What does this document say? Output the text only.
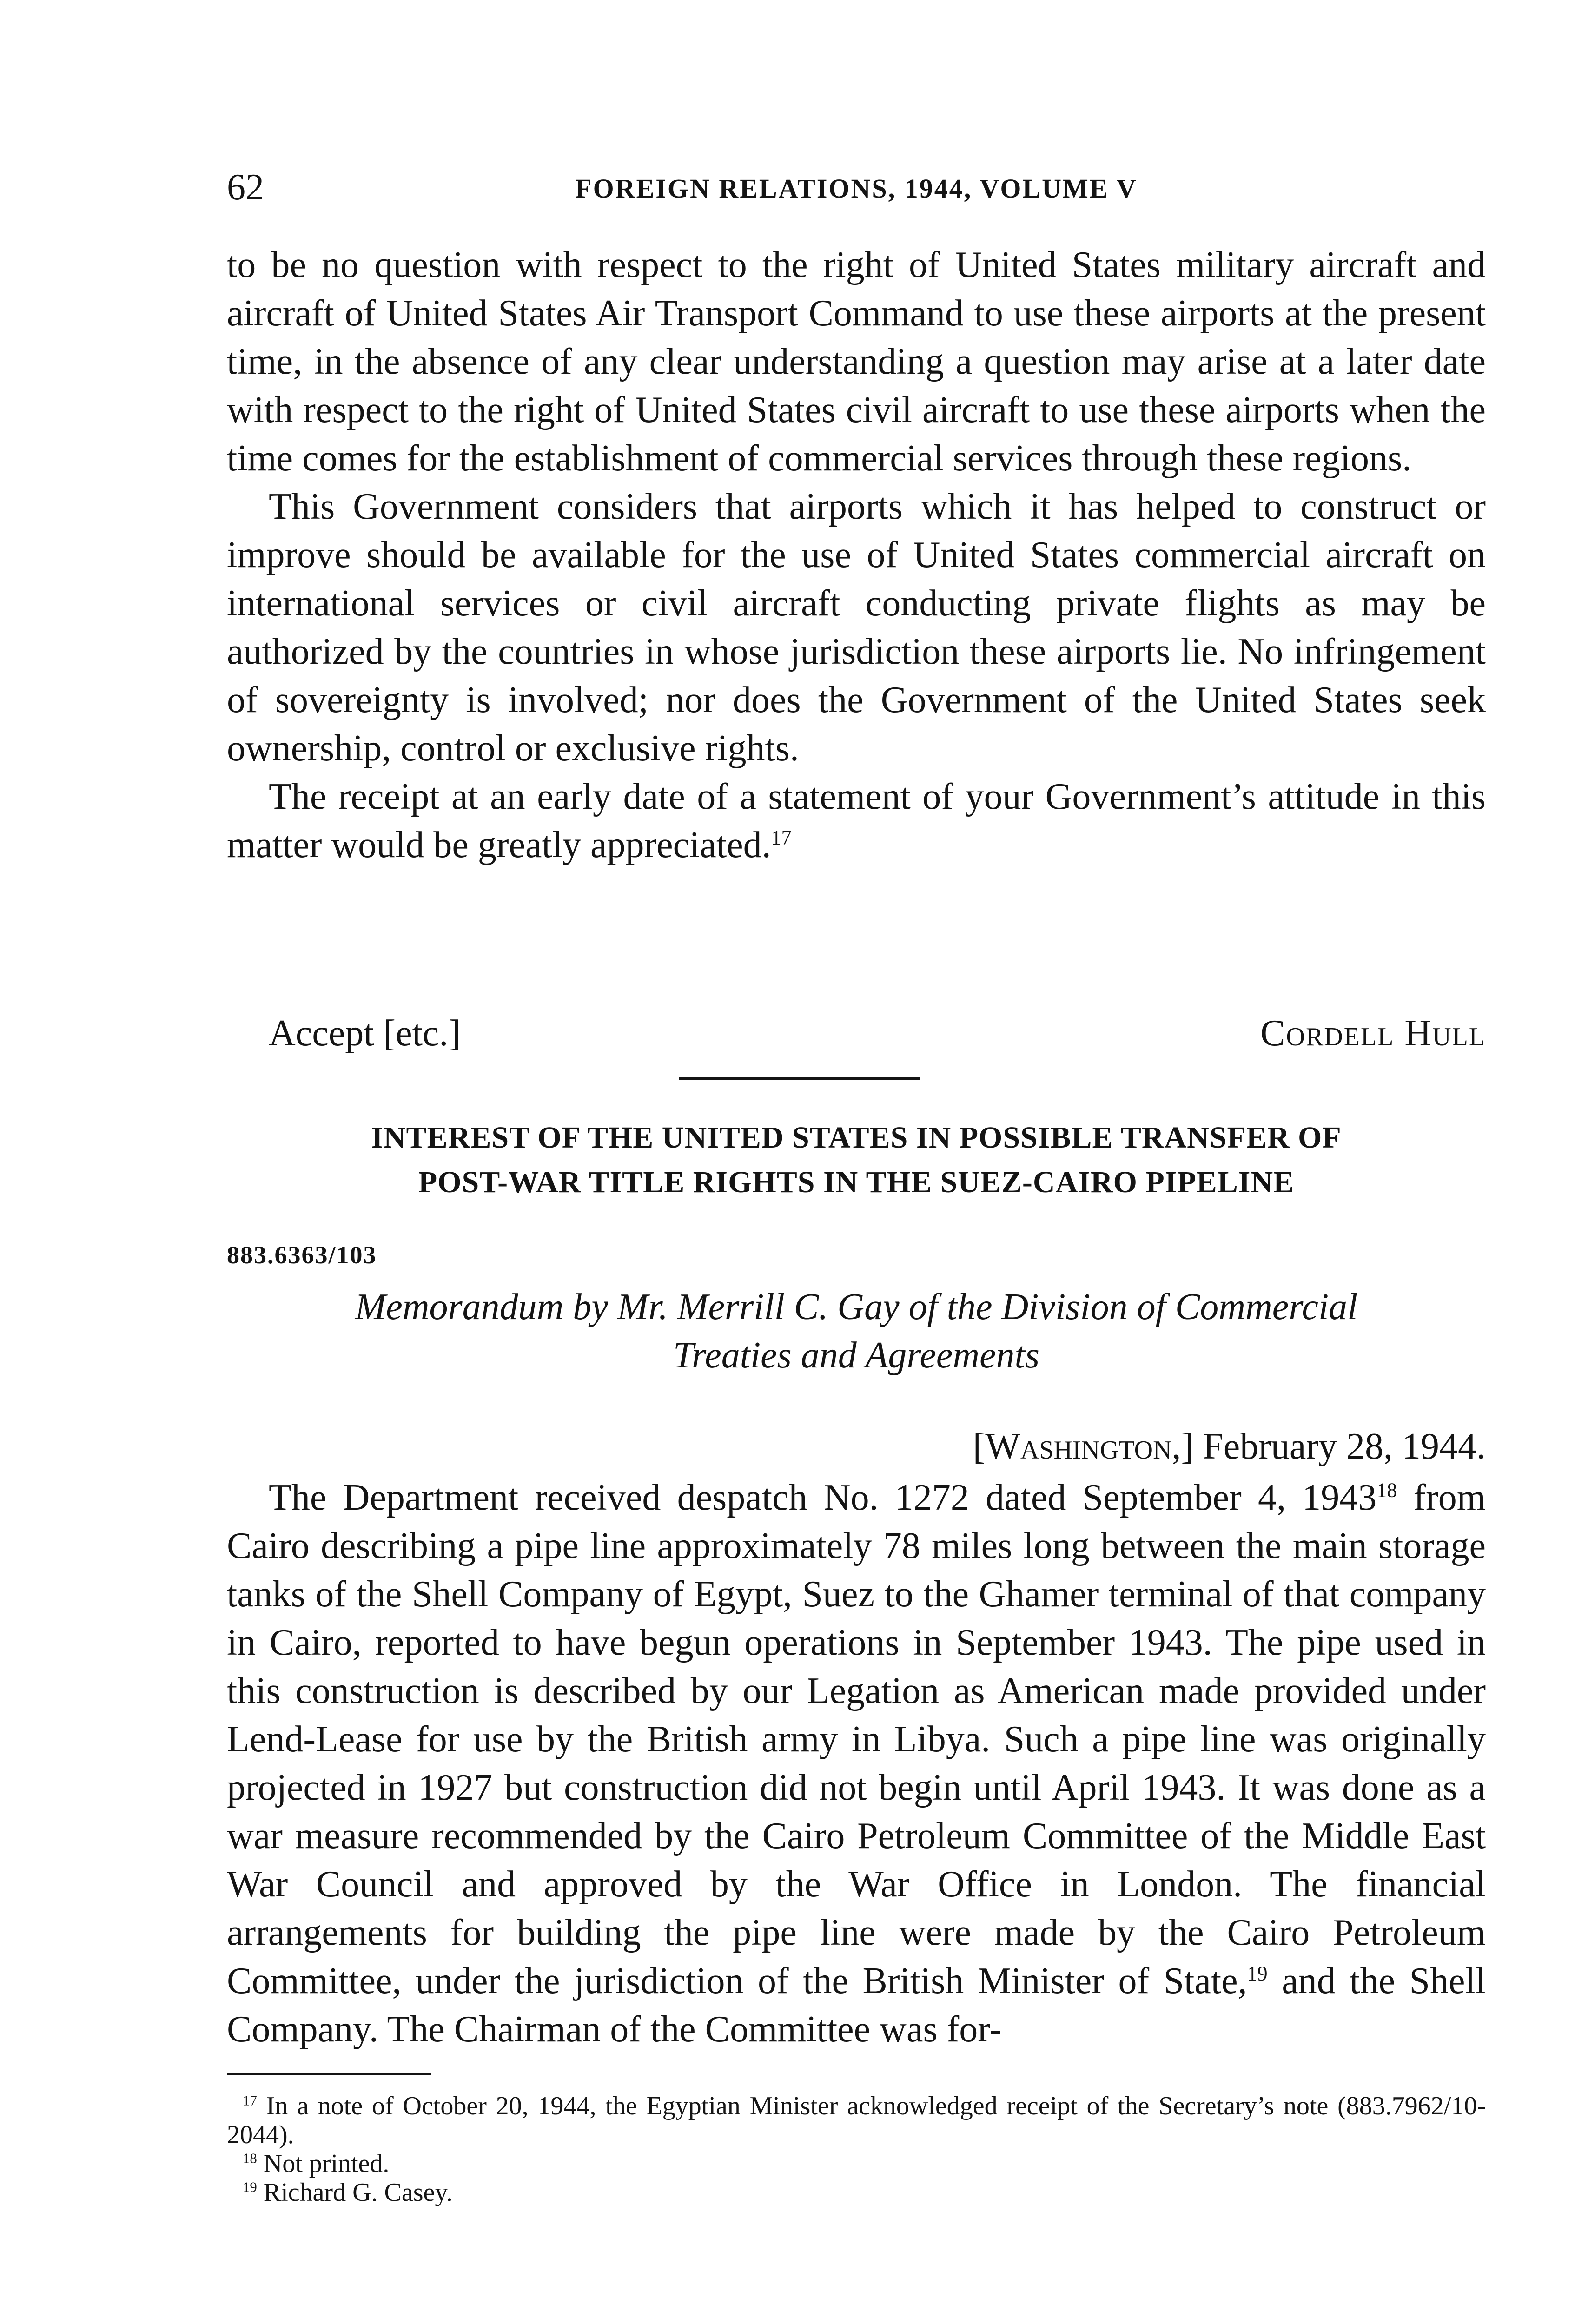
62	FOREIGN RELATIONS, 1944, VOLUME V

to be no question with respect to the right of United States military aircraft and aircraft of United States Air Transport Command to use these airports at the present time, in the absence of any clear understanding a question may arise at a later date with respect to the right of United States civil aircraft to use these airports when the time comes for the establishment of commercial services through these regions.

This Government considers that airports which it has helped to construct or improve should be available for the use of United States commercial aircraft on international services or civil aircraft conducting private flights as may be authorized by the countries in whose jurisdiction these airports lie. No infringement of sovereignty is involved; nor does the Government of the United States seek ownership, control or exclusive rights.

The receipt at an early date of a statement of your Government’s attitude in this matter would be greatly appreciated.$^{17}$

Accept [etc.]	Cordell Hull
INTEREST OF THE UNITED STATES IN POSSIBLE TRANSFER OF
POST-WAR TITLE RIGHTS IN THE SUEZ-CAIRO PIPELINE
883.6363/103
Memorandum by Mr. Merrill C. Gay of the Division of Commercial
Treaties and Agreements
[Washington,] February 28, 1944.

The Department received despatch No. 1272 dated September 4, 1943$^{18}$ from Cairo describing a pipe line approximately 78 miles long between the main storage tanks of the Shell Company of Egypt, Suez to the Ghamer terminal of that company in Cairo, reported to have begun operations in September 1943. The pipe used in this construction is described by our Legation as American made provided under Lend-Lease for use by the British army in Libya. Such a pipe line was originally projected in 1927 but construction did not begin until April 1943. It was done as a war measure recommended by the Cairo Petroleum Committee of the Middle East War Council and approved by the War Office in London. The financial arrangements for building the pipe line were made by the Cairo Petroleum Committee, under the jurisdiction of the British Minister of State,$^{19}$ and the Shell Company. The Chairman of the Committee was for-

$^{17}$ In a note of October 20, 1944, the Egyptian Minister acknowledged receipt of the Secretary’s note (883.7962/10-2044).

$^{18}$ Not printed.

$^{19}$ Richard G. Casey.
